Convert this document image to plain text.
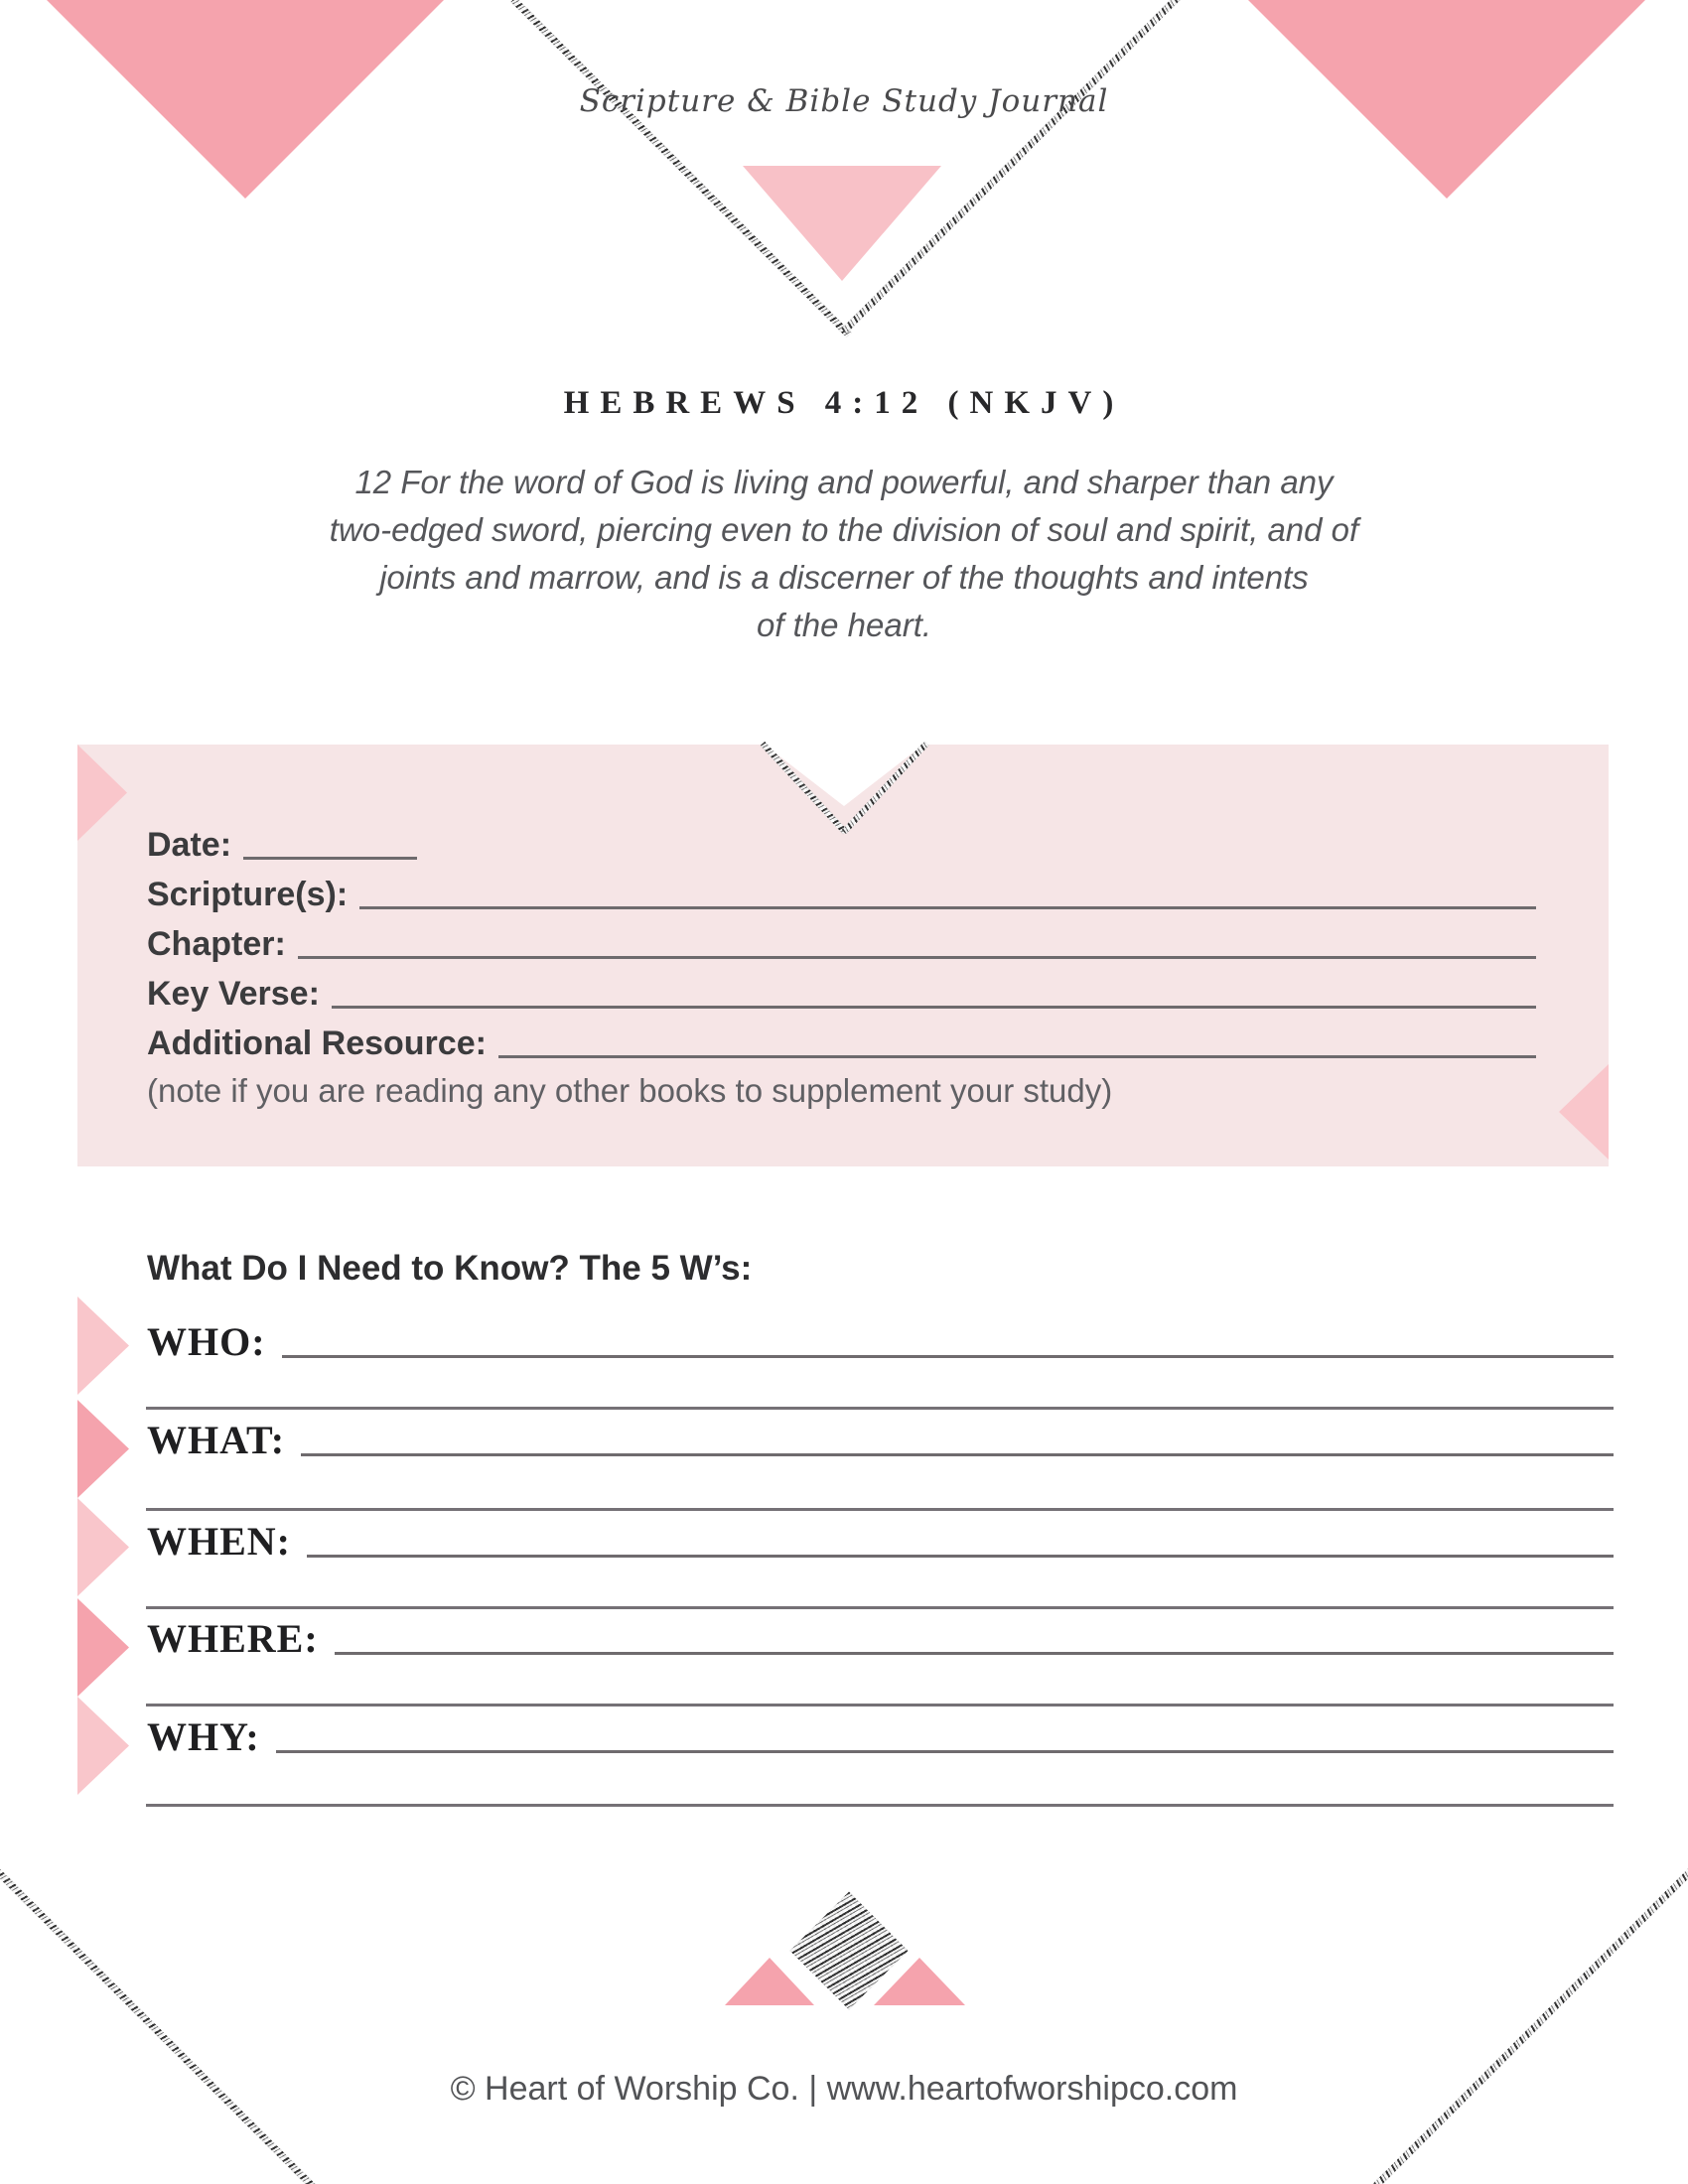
Scripture & Bible Study Journal
HEBREWS 4:12 (NKJV)
12 For the word of God is living and powerful, and sharper than any
two-edged sword, piercing even to the division of soul and spirit, and of
joints and marrow, and is a discerner of the thoughts and intents
of the heart.
Date:
Scripture(s):
Chapter:
Key Verse:
Additional Resource:
(note if you are reading any other books to supplement your study)
What Do I Need to Know? The 5 W’s:
WHO:
WHAT:
WHEN:
WHERE:
WHY:
© Heart of Worship Co. | www.heartofworshipco.com
